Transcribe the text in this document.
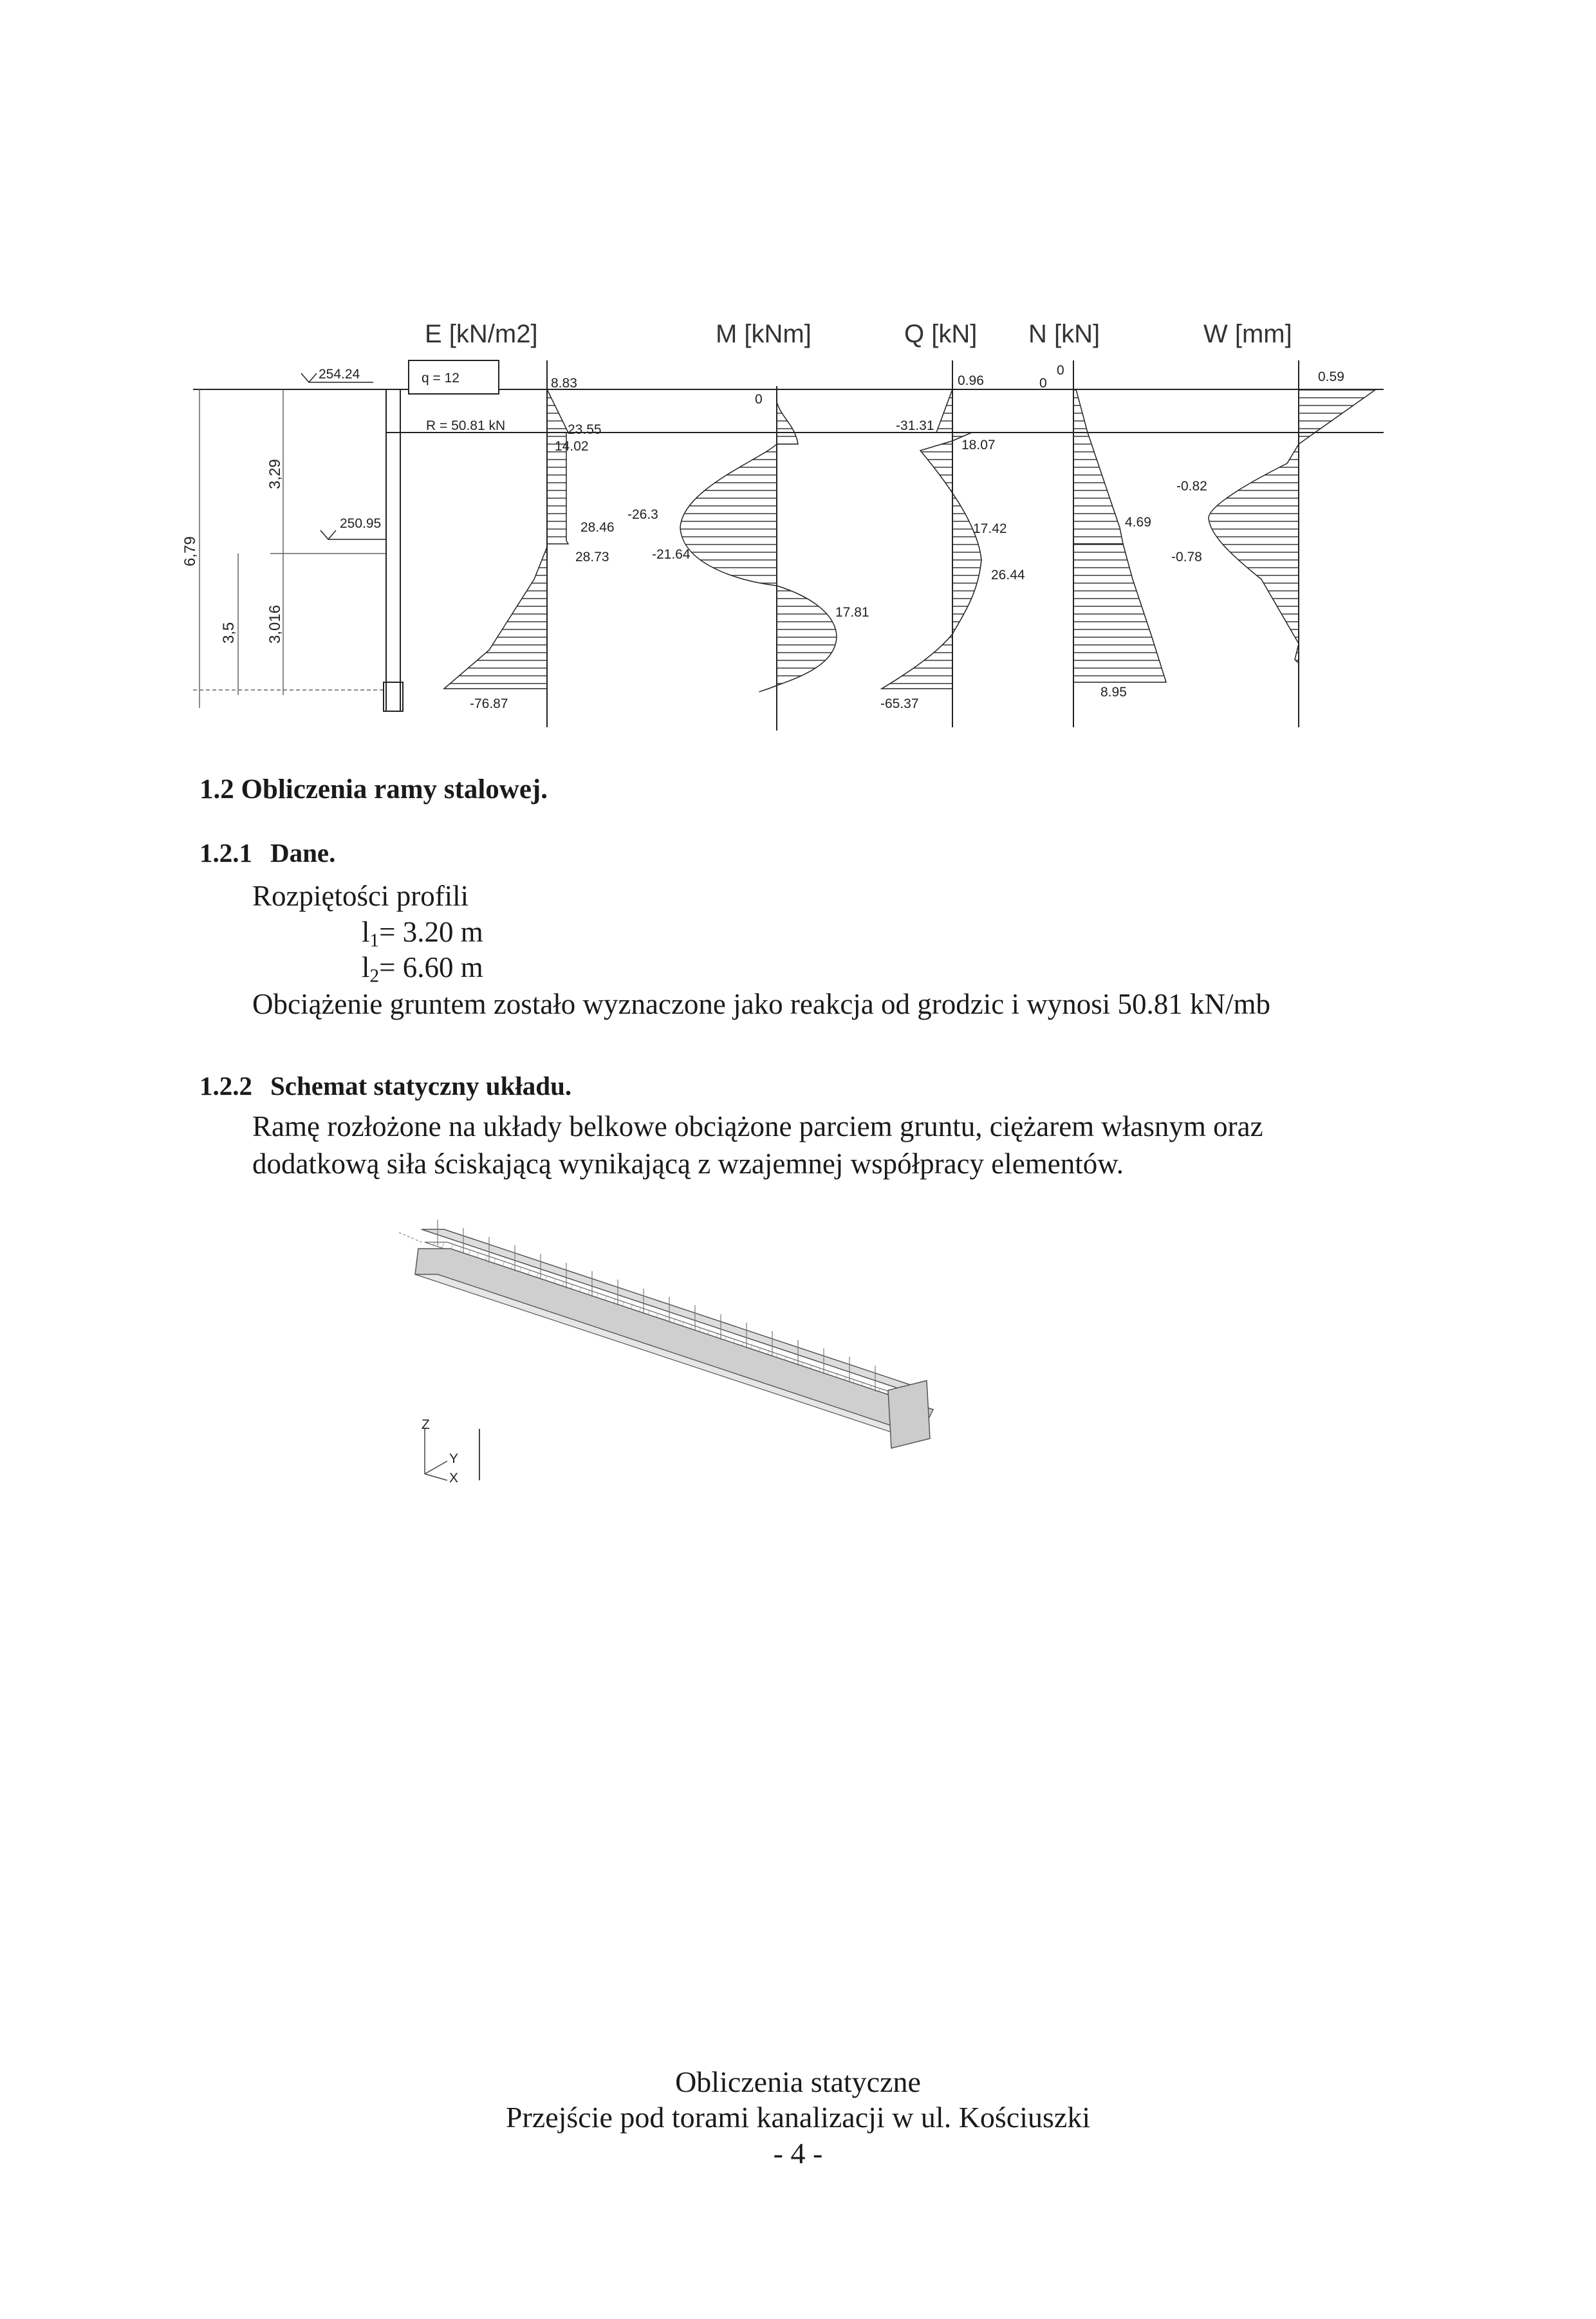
E [kN/m2]	M [kNm]	Q [kN] N [kN]	W [mm]
6,79
3,29
3,5 3,016
254.24
250.95
q = 12
R = 50.81 kN
8.83
23.55
14.02
28.46
28.73
-76.87
0
-26.3
-21.64
17.81
0.96
-31.31
18.07
17.42
26.44
-65.37
0
0
4.69
8.95
0.59
-0.82
-0.78
1.2 Obliczenia ramy stalowej.
1.2.1 Dane.
Rozpiętości profili
$l_1= 3.20$ m
$l_2= 6.60$ m
Obciążenie gruntem zostało wyznaczone jako reakcja od grodzic i wynosi 50.81 kN/mb
1.2.2 Schemat statyczny układu.
Ramę rozłożone na układy belkowe obciążone parciem gruntu, ciężarem własnym oraz
dodatkową siła ściskającą wynikającą z wzajemnej współpracy elementów.
Z
Y
X
Obliczenia statyczne
Przejście pod torami kanalizacji w ul. Kościuszki
- 4 -
